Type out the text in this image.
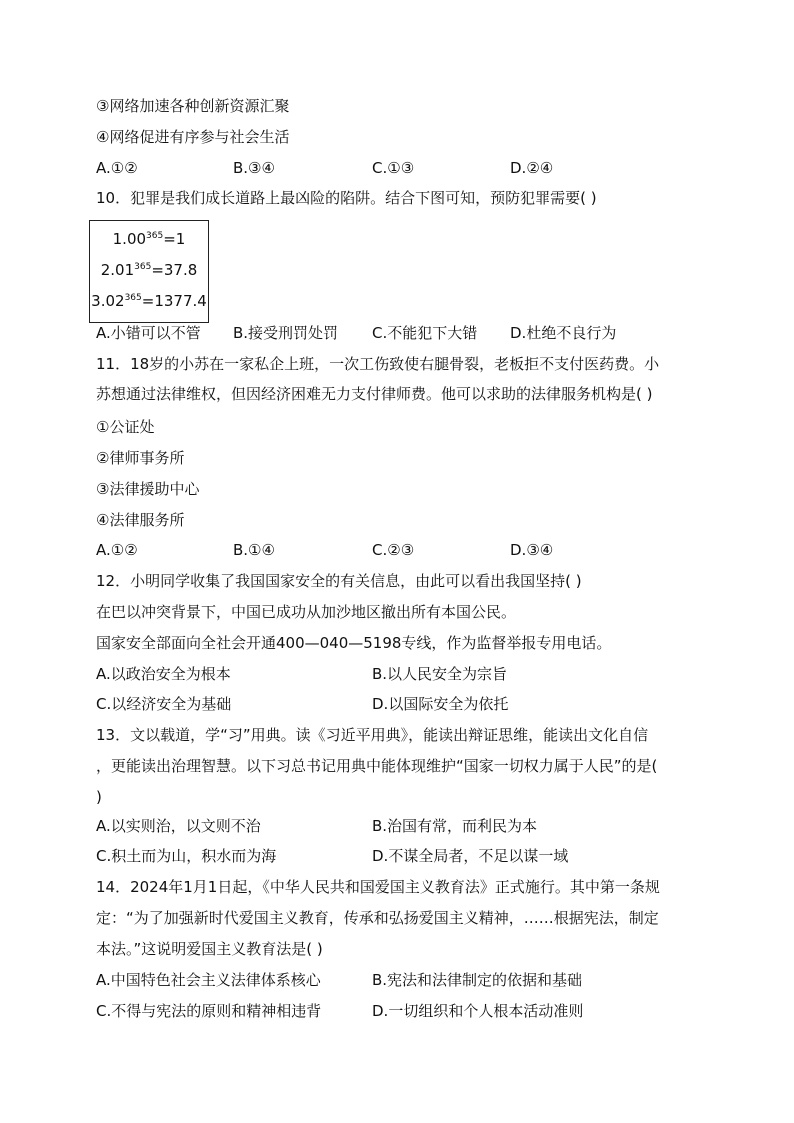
③网络加速各种创新资源汇聚
④网络促进有序参与社会生活
A.①②	B.③④	C.①③	D.②④
10．犯罪是我们成长道路上最凶险的陷阱。结合下图可知，预防犯罪需要( )
$1.00^{365}=1$
$2.01^{365}=37.8$
$3.02^{365}=1377.4$
A.小错可以不管 B.接受刑罚处罚 C.不能犯下大错 D.杜绝不良行为
11．18岁的小苏在一家私企上班，一次工伤致使右腿骨裂，老板拒不支付医药费。小
苏想通过法律维权，但因经济困难无力支付律师费。他可以求助的法律服务机构是( )
①公证处
②律师事务所
③法律援助中心
④法律服务所
A.①②	B.①④	C.②③	D.③④
12．小明同学收集了我国国家安全的有关信息，由此可以看出我国坚持( )
在巴以冲突背景下，中国已成功从加沙地区撤出所有本国公民。
国家安全部面向全社会开通400—040—5198专线，作为监督举报专用电话。
A.以政治安全为根本	B.以人民安全为宗旨
C.以经济安全为基础	D.以国际安全为依托
13．文以载道，学“习”用典。读《习近平用典》，能读出辩证思维，能读出文化自信
，更能读出治理智慧。以下习总书记用典中能体现维护“国家一切权力属于人民”的是(
)
A.以实则治，以文则不治	B.治国有常，而利民为本
C.积土而为山，积水而为海	D.不谋全局者，不足以谋一域
14．2024年1月1日起，《中华人民共和国爱国主义教育法》正式施行。其中第一条规
定：“为了加强新时代爱国主义教育，传承和弘扬爱国主义精神，……根据宪法，制定
本法。”这说明爱国主义教育法是( )
A.中国特色社会主义法律体系核心	B.宪法和法律制定的依据和基础
C.不得与宪法的原则和精神相违背	D.一切组织和个人根本活动准则
